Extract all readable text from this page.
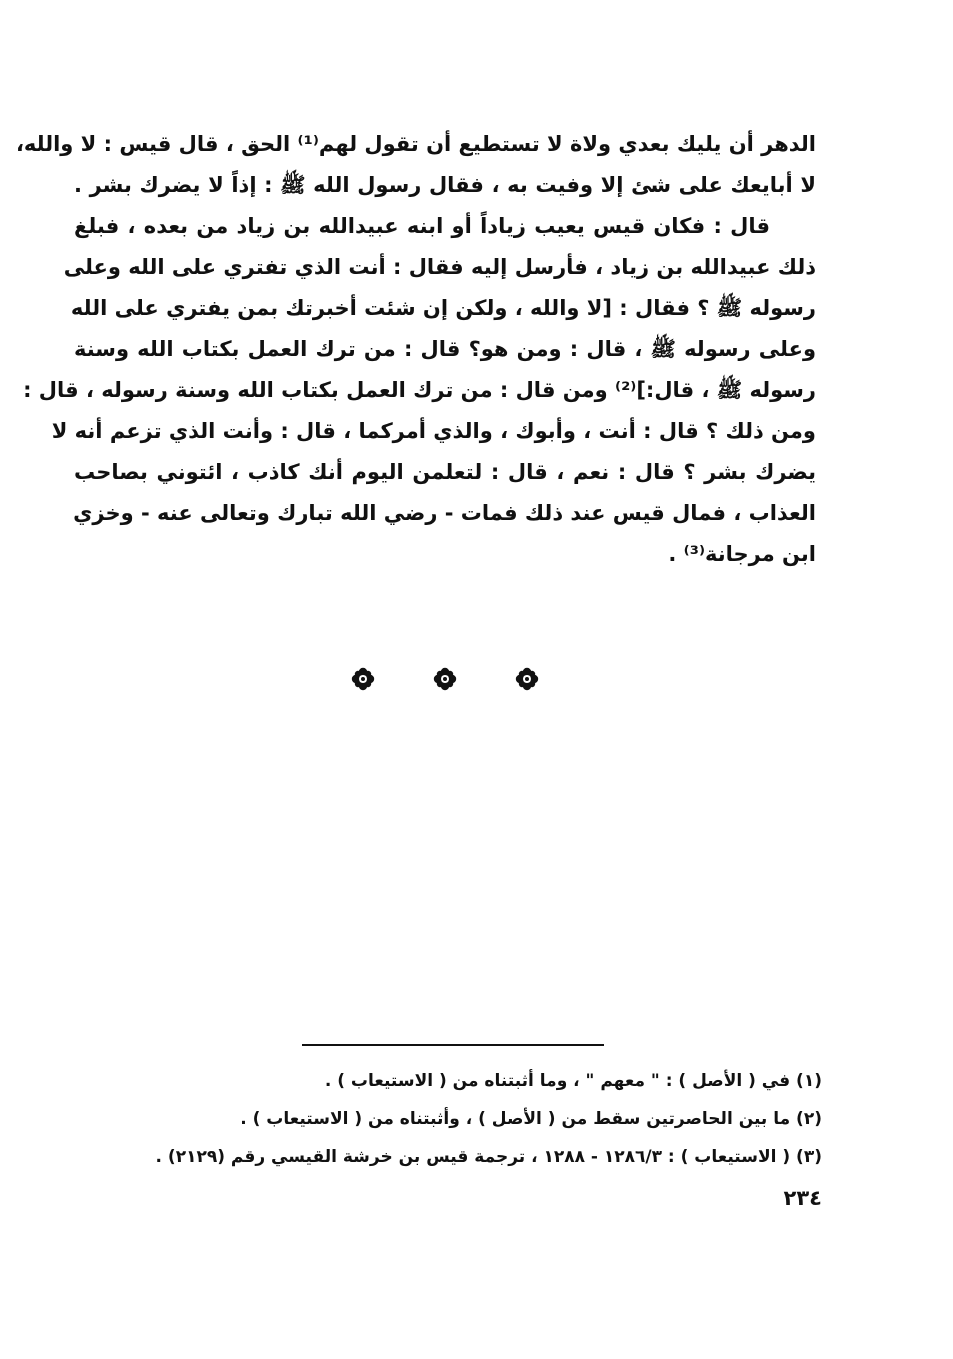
الدهر أن يليك بعدي ولاة لا تستطيع أن تقول لهم⁽¹⁾ الحق ، قال قيس : لا والله،
لا أبايعك على شئ إلا وفيت به ، فقال رسول الله ﷺ : إذاً لا يضرك بشر .
قال : فكان قيس يعيب زياداً أو ابنه عبيدالله بن زياد من بعده ، فبلغ
ذلك عبيدالله بن زياد ، فأرسل إليه فقال : أنت الذي تفتري على الله وعلى
رسوله ﷺ ؟ فقال : [لا والله ، ولكن إن شئت أخبرتك بمن يفتري على الله
وعلى رسوله ﷺ ، قال : ومن هو؟ قال : من ترك العمل بكتاب الله وسنة
رسوله ﷺ ، قال:]⁽²⁾ ومن قال : من ترك العمل بكتاب الله وسنة رسوله ، قال :
ومن ذلك ؟ قال : أنت ، وأبوك ، والذي أمركما ، قال : وأنت الذي تزعم أنه لا
يضرك بشر ؟ قال : نعم ، قال : لتعلمن اليوم أنك كاذب ، ائتوني بصاحب
العذاب ، فمال قيس عند ذلك فمات - رضي الله تبارك وتعالى عنه - وخزي
ابن مرجانة⁽³⁾ .
(١) في ( الأصل ) : " معهم " ، وما أثبتناه من ( الاستيعاب ) .
(٢) ما بين الحاصرتين سقط من ( الأصل ) ، وأثبتناه من ( الاستيعاب ) .
(٣) ( الاستيعاب ) : ١٢٨٦/٣ - ١٢٨٨ ، ترجمة قيس بن خرشة القيسي رقم (٢١٢٩) .
٢٣٤
